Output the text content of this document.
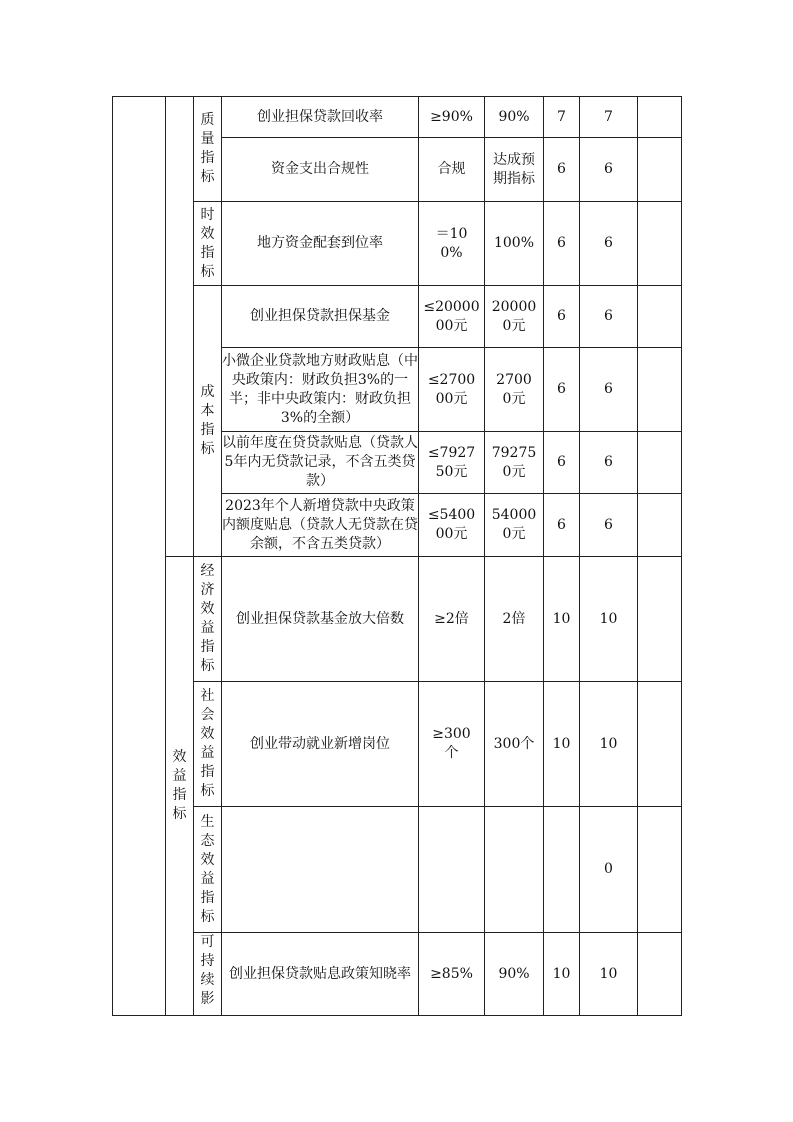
		质量指标	创业担保贷款回收率	≥90%	90%	7	7	
			资金支出合规性	合规	达成预期指标	6	6	

		时效指标	地方资金配套到位率	＝100%	100%	6	6	

		成本指标	创业担保贷款担保基金	≤2000000元	200000元	6	6	
			小微企业贷款地方财政贴息（中央政策内：财政负担3%的一半；非中央政策内：财政负担3%的全额）	≤270000元	27000元	6	6	
			以前年度在贷贷款贴息（贷款人5年内无贷款记录，不含五类贷款）	≤792750元	792750元	6	6	
			2023年个人新增贷款中央政策内额度贴息（贷款人无贷款在贷余额，不含五类贷款）	≤540000元	540000元	6	6	

	效益指标	经济效益指标	创业担保贷款基金放大倍数	≥2倍	2倍	10	10	

		社会效益指标	创业带动就业新增岗位	≥300个	300个	10	10	

		生态效益指标					0	

		可持续影	创业担保贷款贴息政策知晓率	≥85%	90%	10	10	
